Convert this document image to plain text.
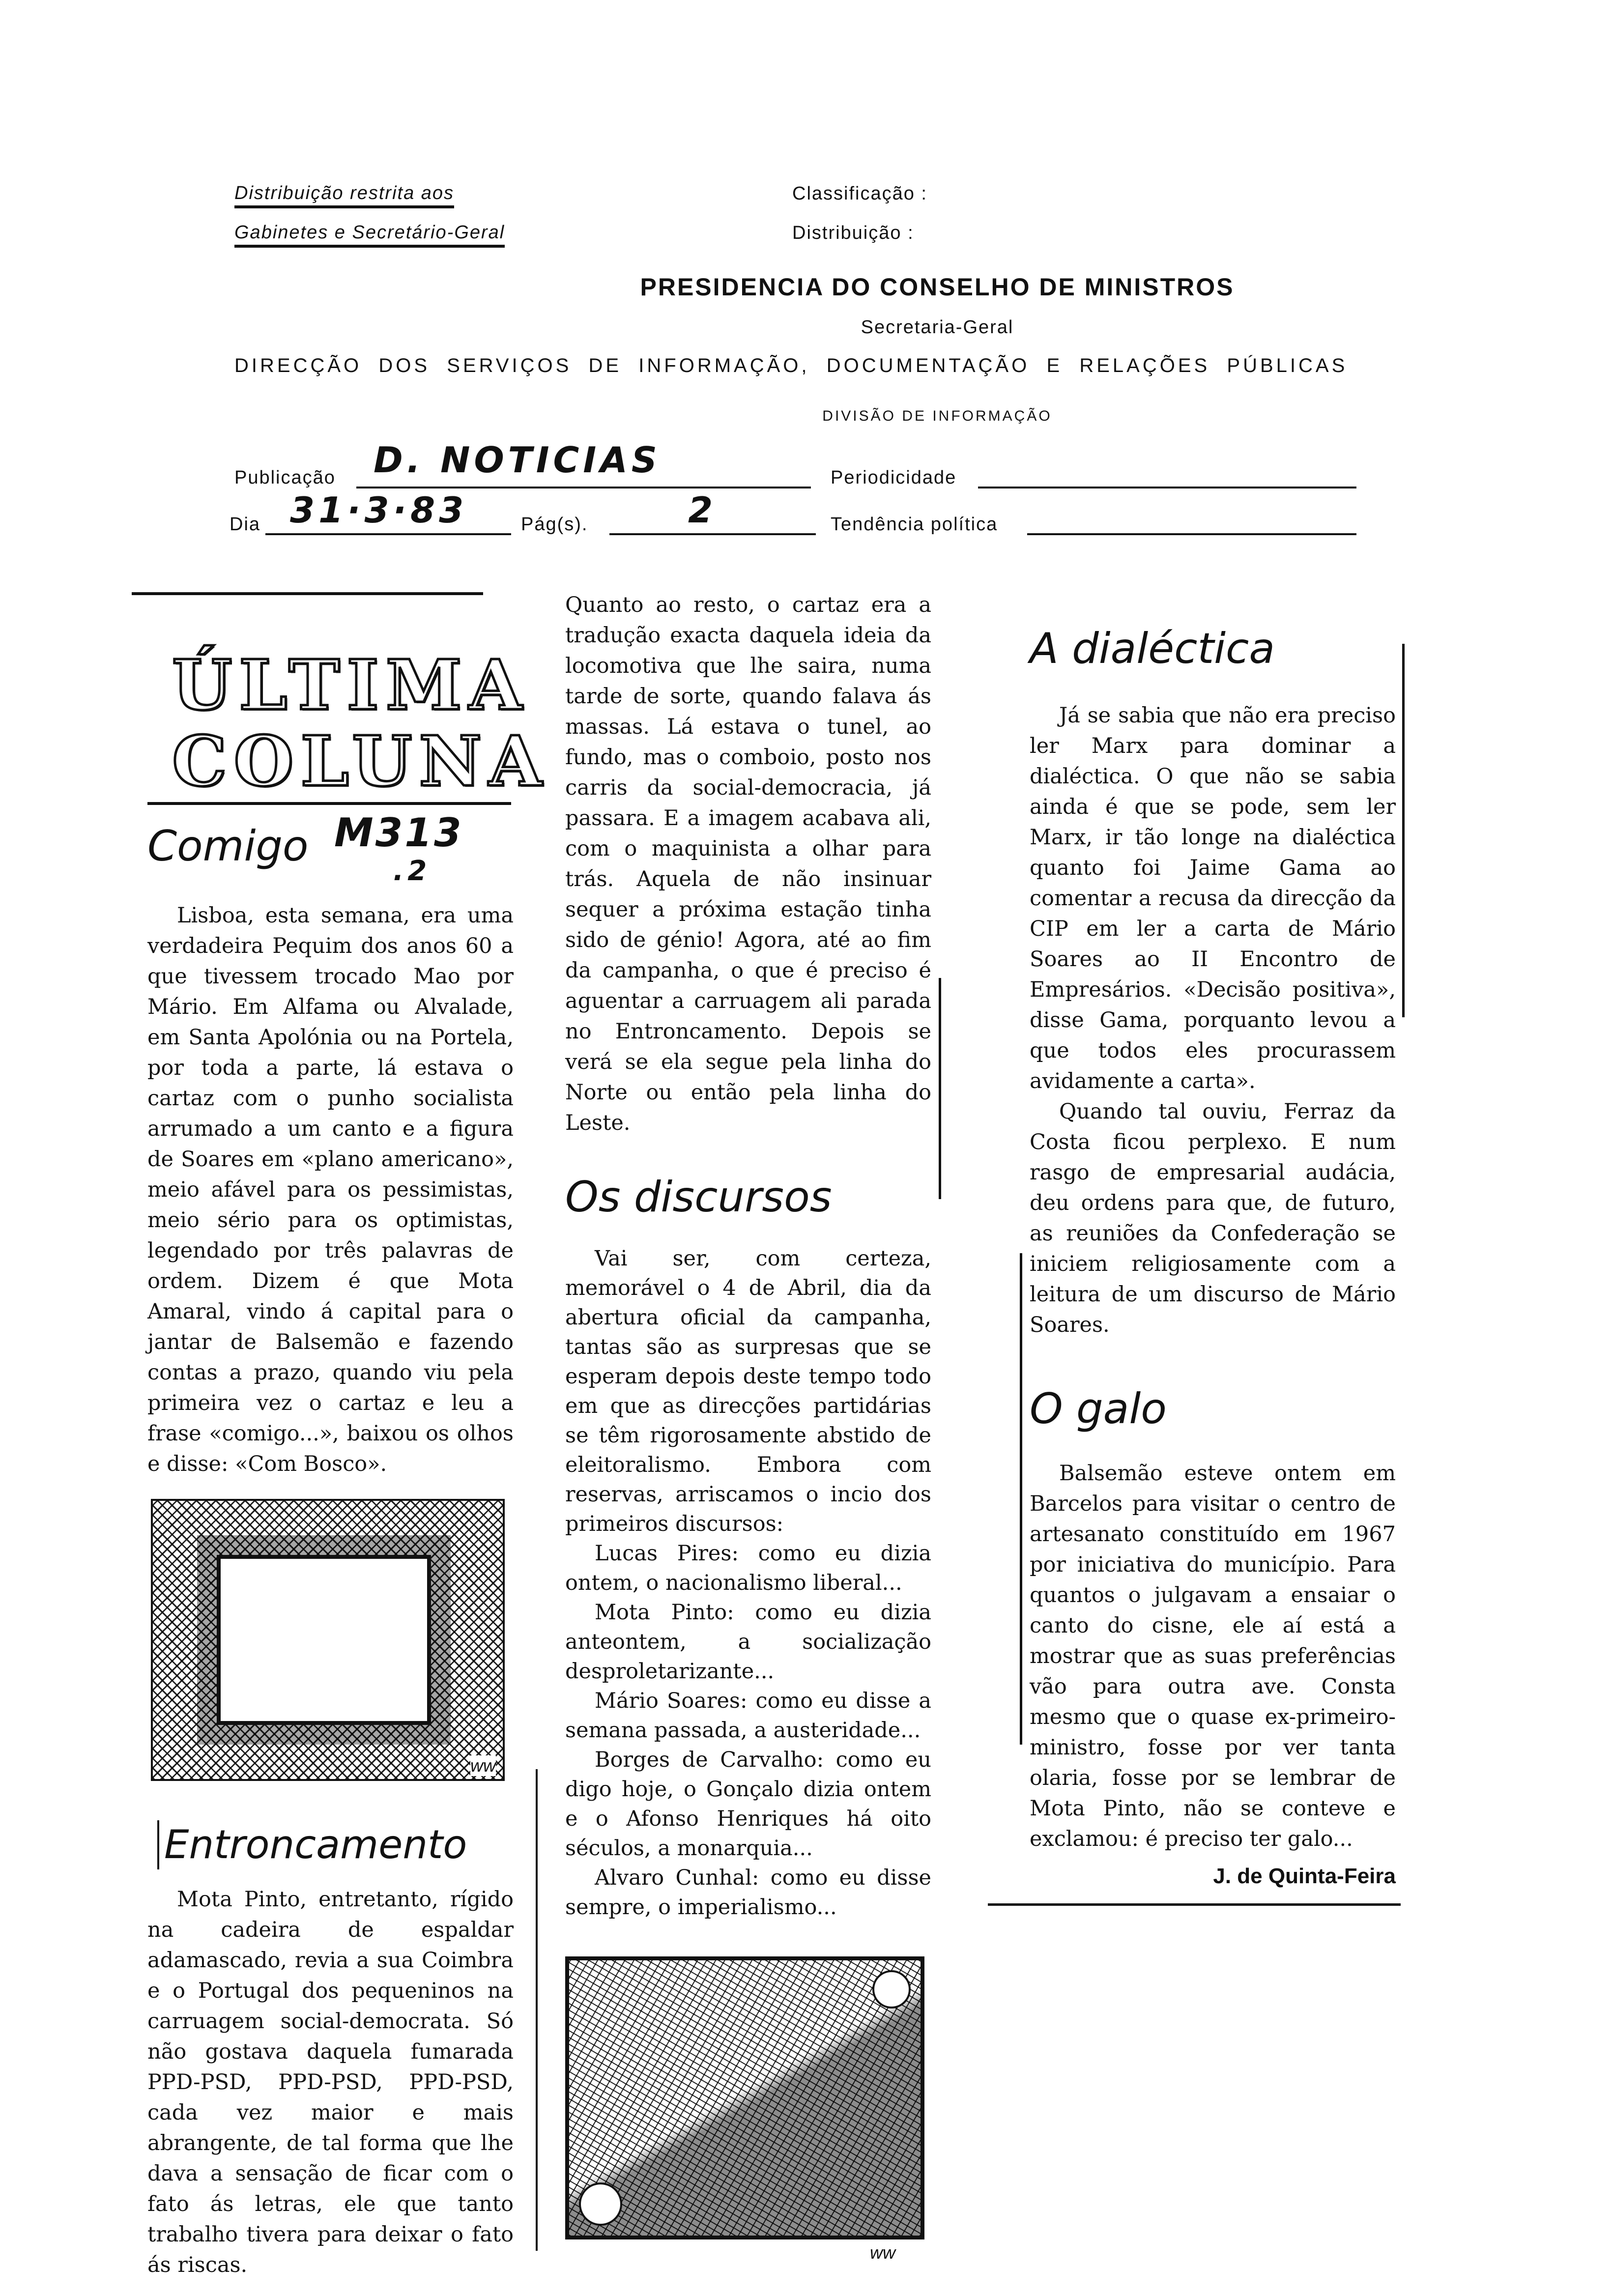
Distribuição restrita aos
Gabinetes e Secretário-Geral
Classificação :
Distribuição :
PRESIDENCIA DO CONSELHO DE MINISTROS
Secretaria-Geral
DIRECÇÃO  DOS  SERVIÇOS  DE  INFORMAÇÃO,  DOCUMENTAÇÃO  E  RELAÇÕES  PÚBLICAS
DIVISÃO DE INFORMAÇÃO
Publicação D. NOTICIAS	Periodicidade
Dia 31·3·83	Pág(s).	2	Tendência política
ÚLTIMA
COLUNA
M313
.2
Comigo

Lisboa, esta semana, era uma verdadeira Pequim dos anos 60 a que tivessem trocado Mao por Mário. Em Alfama ou Alvalade, em Santa Apolónia ou na Portela, por toda a parte, lá estava o cartaz com o punho socialista arrumado a um canto e a figura de Soares em «plano americano», meio afável para os pessimistas, meio sério para os optimistas, legendado por três palavras de ordem. Dizem é que Mota Amaral, vindo á capital para o jantar de Balsemão e fazendo contas a prazo, quando viu pela primeira vez o cartaz e leu a frase «comigo...», baixou os olhos e disse: «Com Bosco».

ww
Entroncamento

Mota Pinto, entretanto, rígido na cadeira de espaldar adamascado, revia a sua Coimbra e o Portugal dos pequeninos na carruagem social-democrata. Só não gostava daquela fumarada PPD-PSD, PPD-PSD, PPD-PSD, cada vez maior e mais abrangente, de tal forma que lhe dava a sensação de ficar com o fato ás letras, ele que tanto trabalho tivera para deixar o fato ás riscas.

Quanto ao resto, o cartaz era a tradução exacta daquela ideia da locomotiva que lhe saira, numa tarde de sorte, quando falava ás massas. Lá estava o tunel, ao fundo, mas o comboio, posto nos carris da social-democracia, já passara. E a imagem acabava ali, com o maquinista a olhar para trás. Aquela de não insinuar sequer a próxima estação tinha sido de génio! Agora, até ao fim da campanha, o que é preciso é aguentar a carruagem ali parada no Entroncamento. Depois se verá se ela segue pela linha do Norte ou então pela linha do Leste.

Os discursos

Vai ser, com certeza, memorável o 4 de Abril, dia da abertura oficial da campanha, tantas são as surpresas que se esperam depois deste tempo todo em que as direcções partidárias se têm rigorosamente abstido de eleitoralismo. Embora com reservas, arriscamos o incio dos primeiros discursos:

Lucas Pires: como eu dizia ontem, o nacionalismo liberal...

Mota Pinto: como eu dizia anteontem, a socialização desproletarizante...

Mário Soares: como eu disse a semana passada, a austeridade...

Borges de Carvalho: como eu digo hoje, o Gonçalo dizia ontem e o Afonso Henriques há oito séculos, a monarquia...

Alvaro Cunhal: como eu disse sempre, o imperialismo...

ww
A dialéctica

Já se sabia que não era preciso ler Marx para dominar a dialéctica. O que não se sabia ainda é que se pode, sem ler Marx, ir tão longe na dialéctica quanto foi Jaime Gama ao comentar a recusa da direcção da CIP em ler a carta de Mário Soares ao II Encontro de Empresários. «Decisão positiva», disse Gama, porquanto levou a que todos eles procurassem avidamente a carta».

Quando tal ouviu, Ferraz da Costa ficou perplexo. E num rasgo de empresarial audácia, deu ordens para que, de futuro, as reuniões da Confederação se iniciem religiosamente com a leitura de um discurso de Mário Soares.

O galo

Balsemão esteve ontem em Barcelos para visitar o centro de artesanato constituído em 1967 por iniciativa do município. Para quantos o julgavam a ensaiar o canto do cisne, ele aí está a mostrar que as suas preferências vão para outra ave. Consta mesmo que o quase ex-primeiro-ministro, fosse por ver tanta olaria, fosse por se lembrar de Mota Pinto, não se conteve e exclamou: é preciso ter galo...

J. de Quinta-Feira
